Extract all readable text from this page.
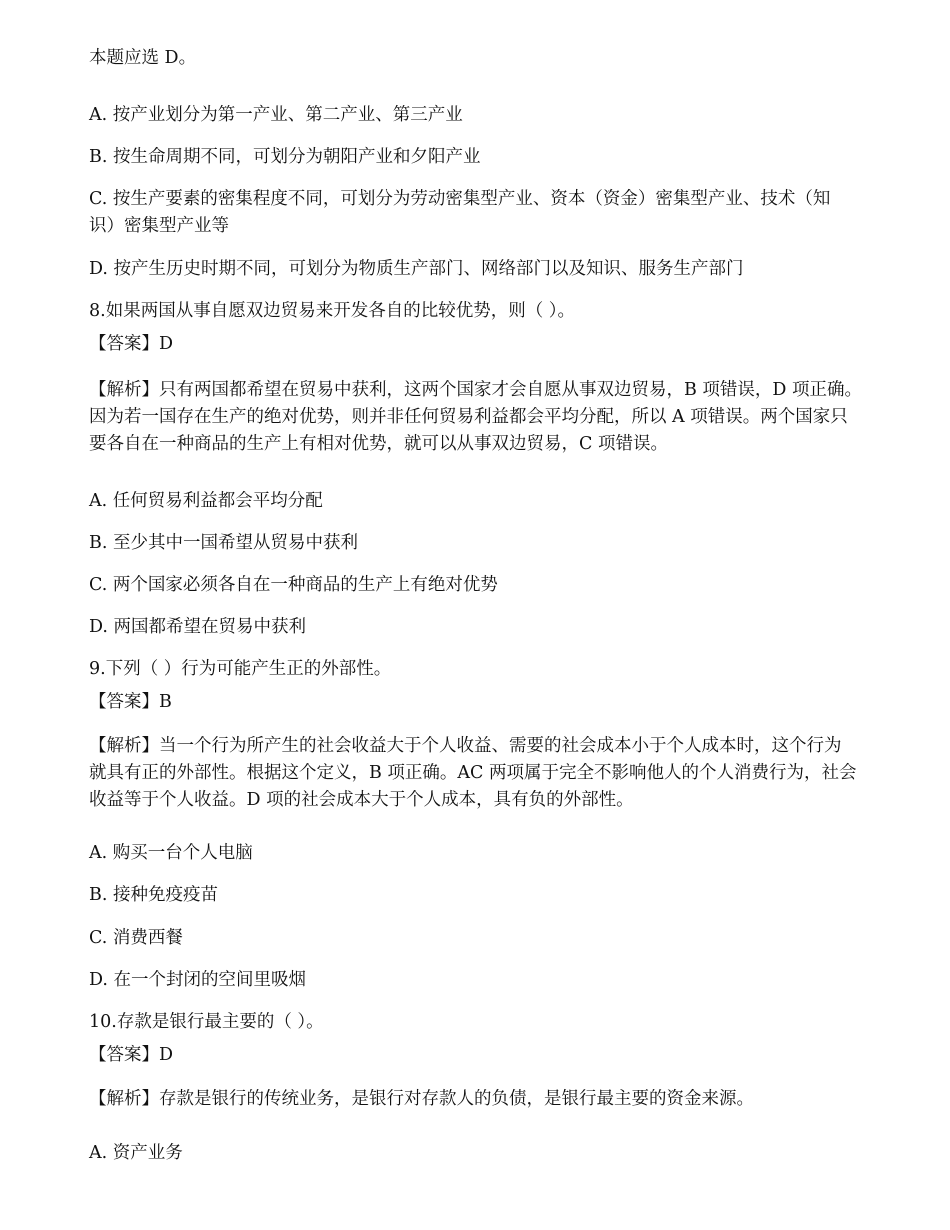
本题应选 D。
A. 按产业划分为第一产业、第二产业、第三产业
B. 按生命周期不同，可划分为朝阳产业和夕阳产业
C. 按生产要素的密集程度不同，可划分为劳动密集型产业、资本（资金）密集型产业、技术（知
识）密集型产业等
D. 按产生历史时期不同，可划分为物质生产部门、网络部门以及知识、服务生产部门
8.如果两国从事自愿双边贸易来开发各自的比较优势，则（ ）。
【答案】D
【解析】只有两国都希望在贸易中获利，这两个国家才会自愿从事双边贸易，B 项错误，D 项正确。
因为若一国存在生产的绝对优势，则并非任何贸易利益都会平均分配，所以 A 项错误。两个国家只
要各自在一种商品的生产上有相对优势，就可以从事双边贸易，C 项错误。
A. 任何贸易利益都会平均分配
B. 至少其中一国希望从贸易中获利
C. 两个国家必须各自在一种商品的生产上有绝对优势
D. 两国都希望在贸易中获利
9.下列（ ）行为可能产生正的外部性。
【答案】B
【解析】当一个行为所产生的社会收益大于个人收益、需要的社会成本小于个人成本时，这个行为
就具有正的外部性。根据这个定义，B 项正确。AC 两项属于完全不影响他人的个人消费行为，社会
收益等于个人收益。D 项的社会成本大于个人成本，具有负的外部性。
A. 购买一台个人电脑
B. 接种免疫疫苗
C. 消费西餐
D. 在一个封闭的空间里吸烟
10.存款是银行最主要的（ ）。
【答案】D
【解析】存款是银行的传统业务，是银行对存款人的负债，是银行最主要的资金来源。
A. 资产业务
